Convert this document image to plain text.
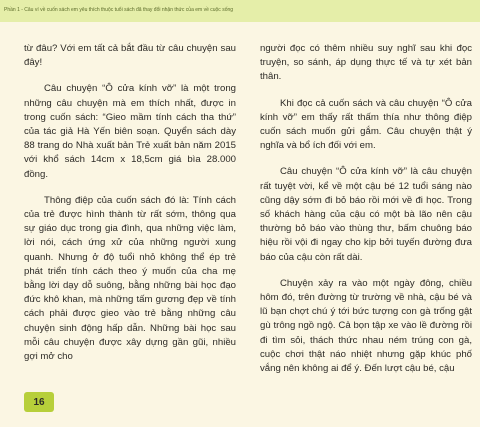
Phần 1 - Câu ví về cuốn sách em yêu thích thuộc tuổi sách đã thay đổi nhận thức của em về cuộc sống

từ đâu? Với em tất cả bắt đầu từ câu chuyện sau đây!

Câu chuyện “Ô cửa kính vỡ” là một trong những câu chuyện mà em thích nhất, được in trong cuốn sách: “Gieo mầm tính cách tha thứ” của tác giả Hà Yến biên soạn. Quyển sách dày 88 trang do Nhà xuất bản Trẻ xuất bản năm 2015 với khổ sách 14cm x 18,5cm giá bìa 28.000 đồng.

Thông điệp của cuốn sách đó là: Tính cách của trẻ được hình thành từ rất sớm, thông qua sự giáo dục trong gia đình, qua những việc làm, lời nói, cách ứng xử của những người xung quanh. Nhưng ở độ tuổi nhỏ không thể ép trẻ phát triển tính cách theo ý muốn của cha mẹ bằng lời dạy dỗ suông, bằng những bài học đạo đức khô khan, mà những tấm gương đẹp về tính cách phải được gieo vào trẻ bằng những câu chuyện sinh động hấp dẫn. Những bài học sau mỗi câu chuyện được xây dựng gần gũi, nhiều gợi mở cho

người đọc có thêm nhiều suy nghĩ sau khi đọc truyện, so sánh, áp dụng thực tế và tự xét bản thân.

Khi đọc cả cuốn sách và câu chuyện “Ô cửa kính vỡ” em thấy rất thấm thía như thông điệp cuốn sách muốn gửi gắm. Câu chuyện thật ý nghĩa và bổ ích đối với em.

Câu chuyện “Ô cửa kính vỡ” là câu chuyện rất tuyệt vời, kể về một cậu bé 12 tuổi sáng nào cũng dậy sớm đi bỏ báo rồi mới về đi học. Trong số khách hàng của cậu có một bà lão nên cậu thường bỏ báo vào thùng thư, bấm chuông báo hiệu rồi vội đi ngay cho kịp bởi tuyến đường đưa báo của cậu còn rất dài.

Chuyện xảy ra vào một ngày đông, chiều hôm đó, trên đường từ trường về nhà, cậu bé và lũ bạn chợt chú ý tới bức tượng con gà trống gật gù trông ngồ ngộ. Cả bọn tập xe vào lề đường rồi đi tìm sỏi, thách thức nhau ném trúng con gà, cuộc chơi thật náo nhiệt nhưng gặp khúc phố vắng nên không ai để ý. Đến lượt cậu bé, cậu

16
